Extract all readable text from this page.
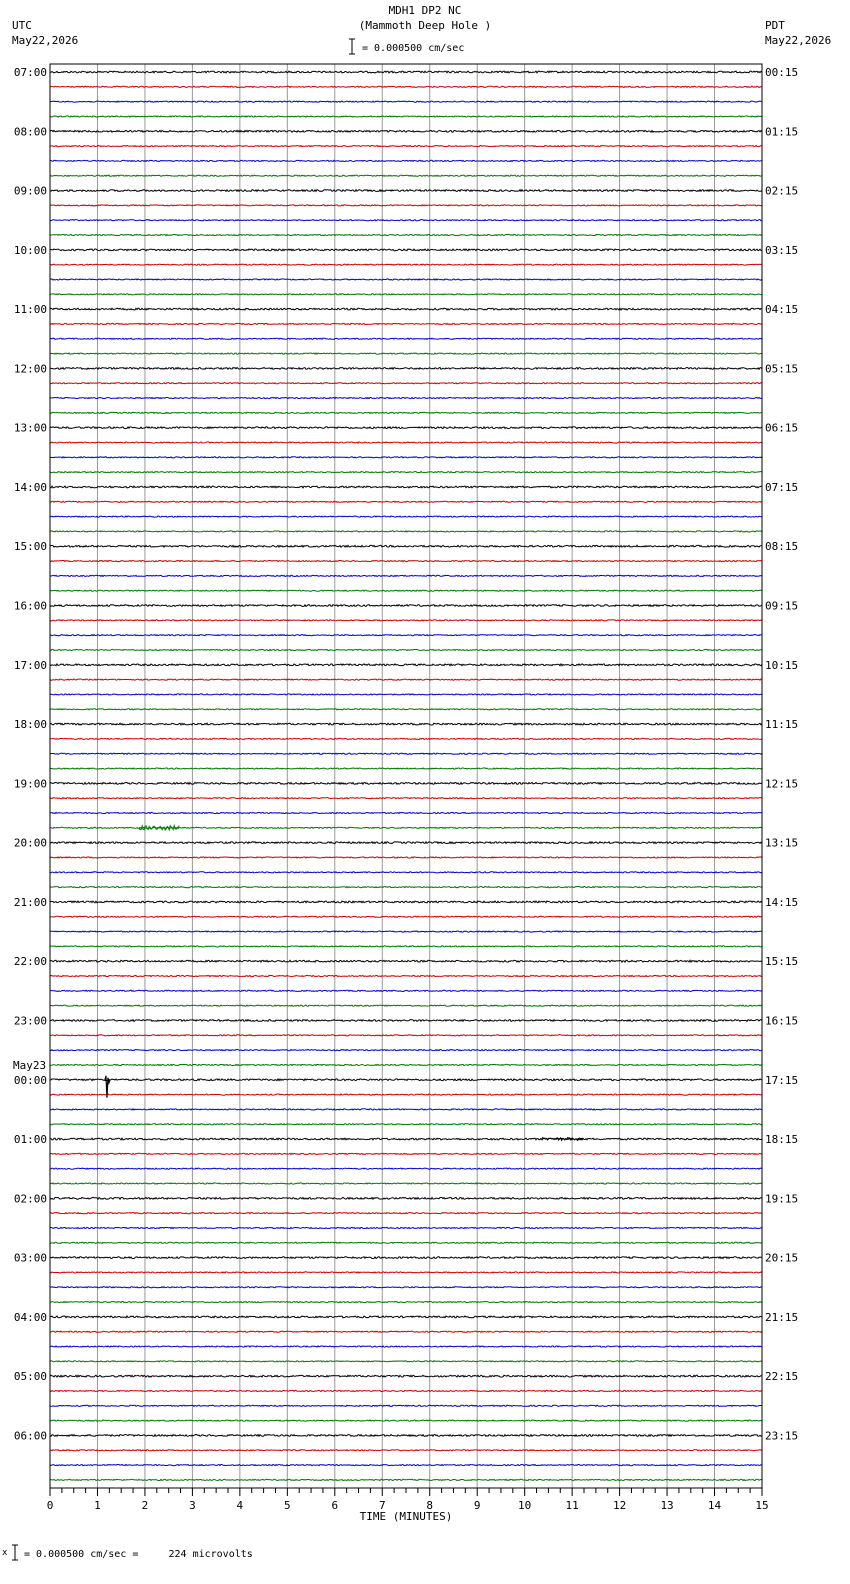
MDH1 DP2 NC
(Mammoth Deep Hole )
UTC
May22,2026
PDT
May22,2026
= 0.000500 cm/sec
07:00
08:00
09:00
10:00
11:00
12:00
13:00
14:00
15:00
16:00
17:00
18:00
19:00
20:00
21:00
22:00
23:00
00:00
01:00
02:00
03:00
04:00
05:00
06:00
00:15
01:15
02:15
03:15
04:15
05:15
06:15
07:15
08:15
09:15
10:15
11:15
12:15
13:15
14:15
15:15
16:15
17:15
18:15
19:15
20:15
21:15
22:15
23:15
May23
0	1	2	3	4	5	6	7	8	9	10	11	12	13	14	15
TIME (MINUTES)
x = 0.000500 cm/sec =     224 microvolts
